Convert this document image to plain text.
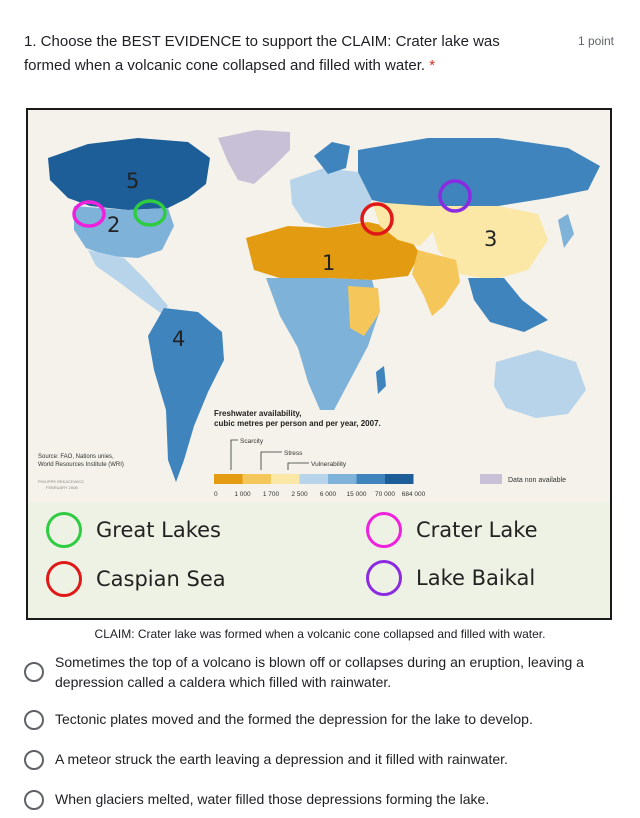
1. Choose the BEST EVIDENCE to support the CLAIM: Crater lake was formed when a volcanic cone collapsed and filled with water. *
1 point
5
2
1
3
4
Source: FAO, Nations unies,
World Resources Institute (WRI)
PHILIPPE REKACEWICZ
FEBRUARY 2008
Freshwater availability,
cubic metres per person and per year, 2007.
Scarcity
Stress
Vulnerability
0	1 000 1 700 2 500 6 000 15 000 70 000 684 000
Data non available
Great Lakes	Crater Lake
Caspian Sea	Lake Baikal
CLAIM: Crater lake was formed when a volcanic cone collapsed and filled with water.
Sometimes the top of a volcano is blown off or collapses during an eruption, leaving a depression called a caldera which filled with rainwater.
Tectonic plates moved and the formed the depression for the lake to develop.
A meteor struck the earth leaving a depression and it filled with rainwater.
When glaciers melted, water filled those depressions forming the lake.
